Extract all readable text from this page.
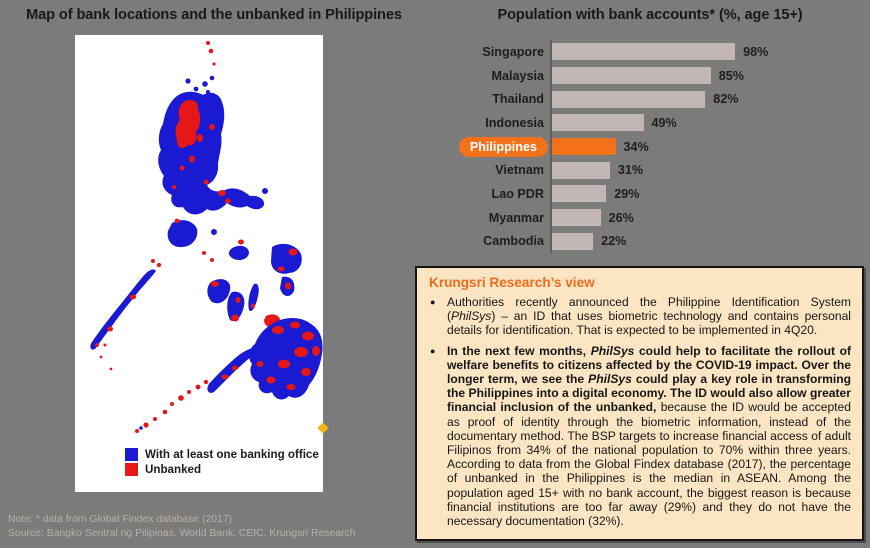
Map of bank locations and the unbanked in Philippines	Population with bank accounts* (%, age 15+)
With at least one banking office
Unbanked
Singapore	98%
Malaysia	85%
Thailand	82%
Indonesia	49%
Philippines	34%
Vietnam	31%
Lao PDR	29%
Myanmar	26%
Cambodia	22%
Krungsri Research’s view
● Authorities recently announced the Philippine Identification System (PhilSys) – an ID that uses biometric technology and contains personal details for identification. That is expected to be implemented in 4Q20.
● In the next few months, PhilSys could help to facilitate the rollout of welfare benefits to citizens affected by the COVID-19 impact. Over the longer term, we see the PhilSys could play a key role in transforming the Philippines into a digital economy. The ID would also allow greater financial inclusion of the unbanked, because the ID would be accepted as proof of identity through the biometric information, instead of the documentary method. The BSP targets to increase financial access of adult Filipinos from 34% of the national population to 70% within three years. According to data from the Global Findex database (2017), the percentage of unbanked in the Philippines is the median in ASEAN. Among the population aged 15+ with no bank account, the biggest reason is because financial institutions are too far away (29%) and they do not have the necessary documentation (32%).
Note: * data from Global Findex database (2017)
Source: Bangko Sentral ng Pilipinas, World Bank, CEIC, Krungsri Research
